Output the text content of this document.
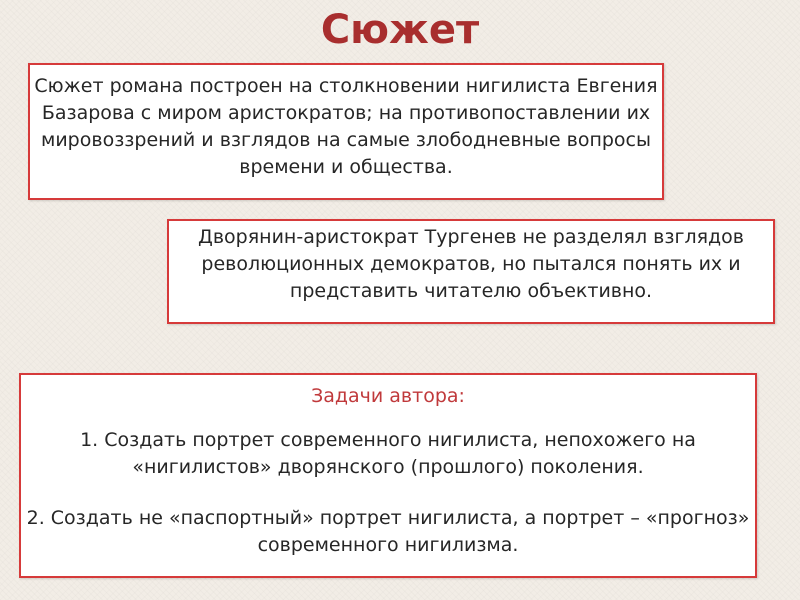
Сюжет

Сюжет романа построен на столкновении нигилиста Евгения Базарова с миром аристократов; на противопоставлении их мировоззрений и взглядов на самые злободневные вопросы времени и общества.

Дворянин-аристократ Тургенев не разделял взглядов революционных демократов, но пытался понять их и представить читателю объективно.

Задачи автора:
1. Создать портрет современного нигилиста, непохожего на «нигилистов» дворянского (прошлого) поколения.
2. Создать не «паспортный» портрет нигилиста, а портрет – «прогноз» современного нигилизма.
